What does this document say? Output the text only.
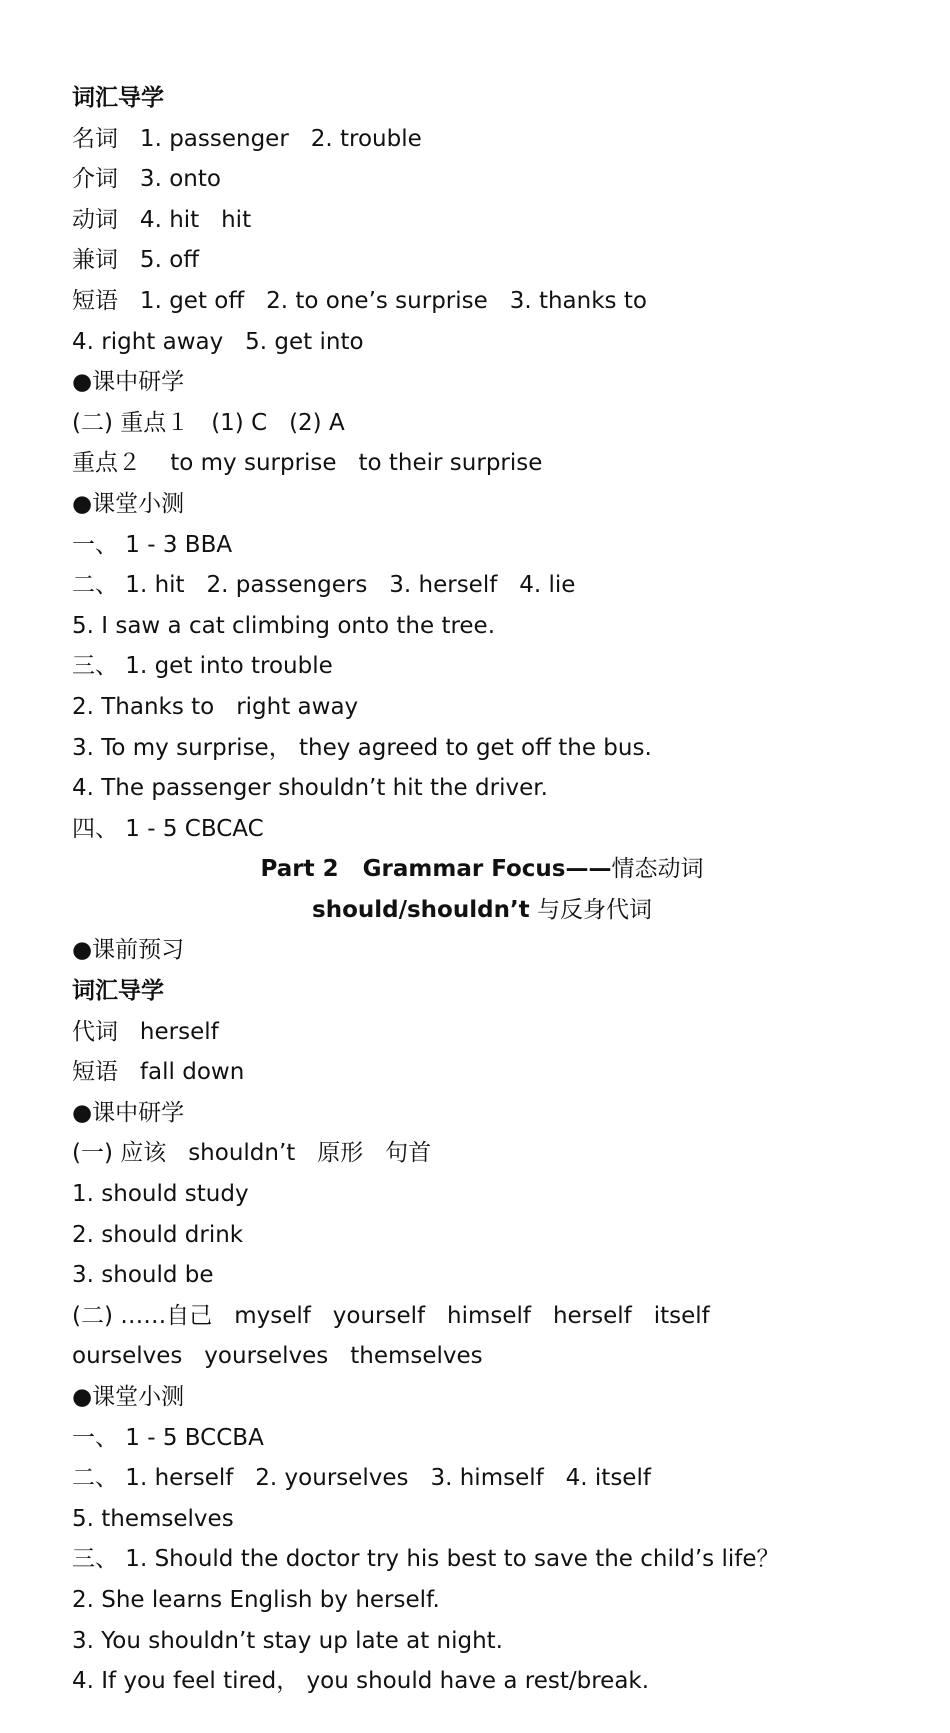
词汇导学
名词   1. passenger   2. trouble
介词   3. onto
动词   4. hit   hit
兼词   5. off
短语   1. get off   2. to one’s surprise   3. thanks to
4. right away   5. get into
●课中研学
(二) 重点１   (1) C   (2) A
重点２    to my surprise   to their surprise
●课堂小测
一、 1 - 3 BBA
二、 1. hit   2. passengers   3. herself   4. lie
5. I saw a cat climbing onto the tree.
三、 1. get into trouble
2. Thanks to   right away
3. To my surprise， they agreed to get off the bus.
4. The passenger shouldn’t hit the driver.
四、 1 - 5 CBCAC
Part 2   Grammar Focus——情态动词
should/shouldn’t 与反身代词
●课前预习
词汇导学
代词   herself
短语   fall down
●课中研学
(一) 应该   shouldn’t   原形   句首
1. should study
2. should drink
3. should be
(二) ……自己   myself   yourself   himself   herself   itself
ourselves   yourselves   themselves
●课堂小测
一、 1 - 5 BCCBA
二、 1. herself   2. yourselves   3. himself   4. itself
5. themselves
三、 1. Should the doctor try his best to save the child’s life？
2. She learns English by herself.
3. You shouldn’t stay up late at night.
4. If you feel tired， you should have a rest/break.
